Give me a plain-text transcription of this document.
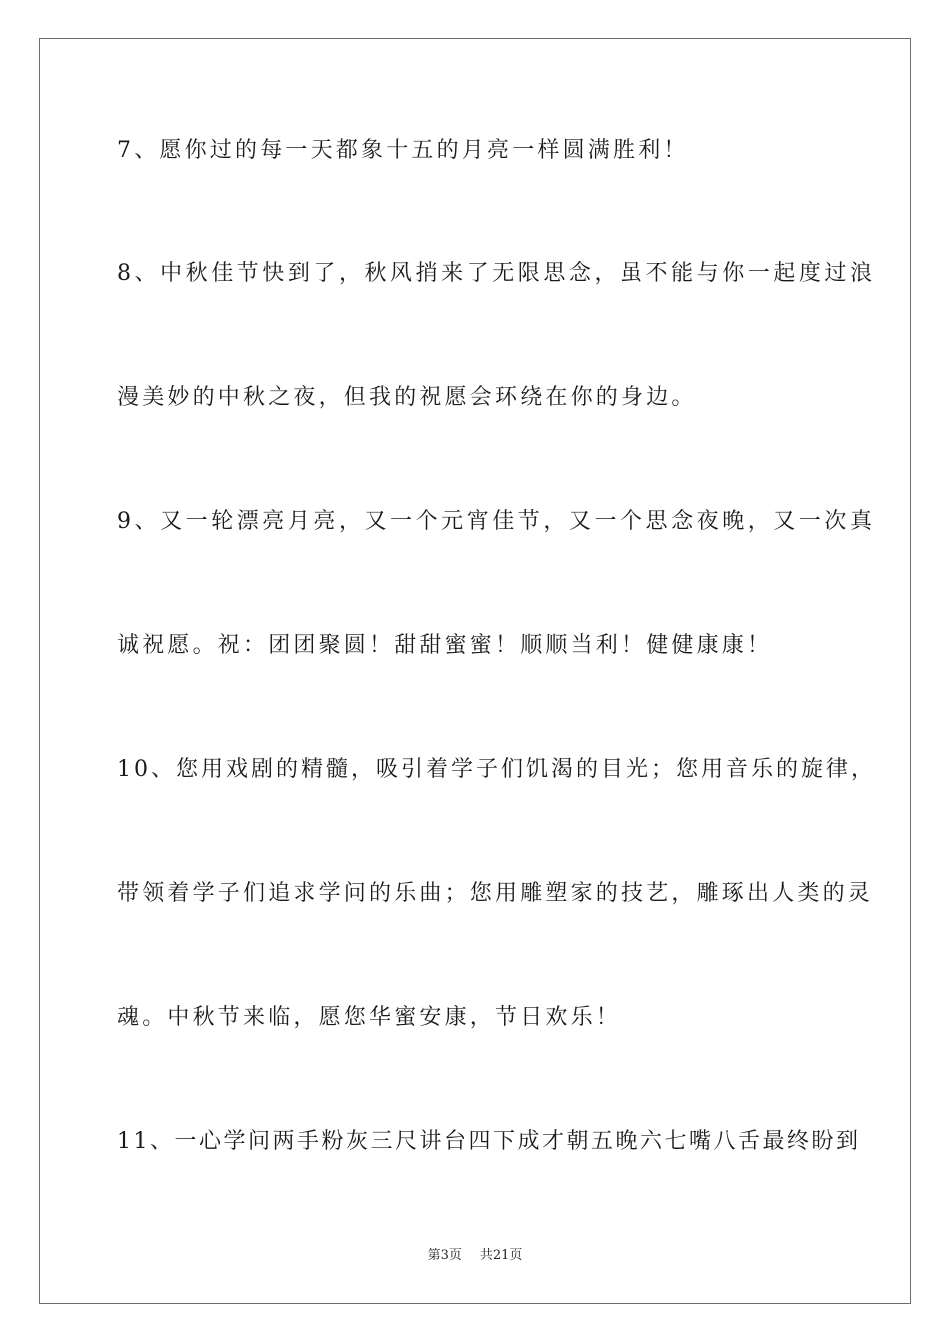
7、愿你过的每一天都象十五的月亮一样圆满胜利！
8、中秋佳节快到了，秋风捎来了无限思念，虽不能与你一起度过浪
漫美妙的中秋之夜，但我的祝愿会环绕在你的身边。
9、又一轮漂亮月亮，又一个元宵佳节，又一个思念夜晚，又一次真
诚祝愿。祝：团团聚圆！甜甜蜜蜜！顺顺当利！健健康康！
10、您用戏剧的精髓，吸引着学子们饥渴的目光；您用音乐的旋律，
带领着学子们追求学问的乐曲；您用雕塑家的技艺，雕琢出人类的灵
魂。中秋节来临，愿您华蜜安康，节日欢乐！
11、一心学问两手粉灰三尺讲台四下成才朝五晚六七嘴八舌最终盼到
第3页 共21页
